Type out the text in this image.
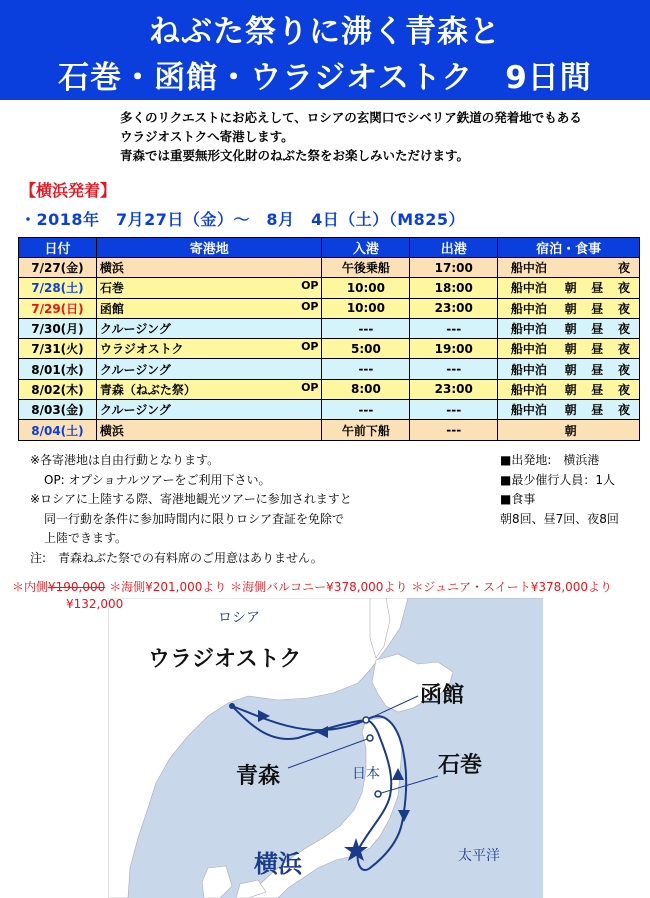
ねぶた祭りに沸く青森と
石巻・函館・ウラジオストク　9日間
多くのリクエストにお応えして、ロシアの玄関口でシベリア鉄道の発着地でもある
ウラジオストクへ寄港します。
青森では重要無形文化財のねぶた祭をお楽しみいただけます。
【横浜発着】
・2018年　7月27日（金）～　8月　4日（土）（M825）
日付	寄港地	入港	出港	宿泊・食事	
7/27(金)	横浜	午後乗船	17:00	船中泊	夜

7/28(土)	石巻 OP	10:00	18:00	船中泊	朝 昼 夜

7/29(日)	函館 OP	10:00	23:00	船中泊	朝 昼 夜

7/30(月)	クルージング	---	---	船中泊	朝 昼 夜

7/31(火)	ウラジオストク OP	5:00	19:00	船中泊	朝 昼 夜

8/01(水)	クルージング	---	---	船中泊	朝 昼 夜

8/02(木)	青森（ねぶた祭） OP	8:00	23:00	船中泊	朝 昼 夜

8/03(金)	クルージング	---	---	船中泊	朝 昼 夜

8/04(土)	横浜	午前下船	---		朝
※各寄港地は自由行動となります。
OP: オプショナルツアーをご利用下さい。
※ロシアに上陸する際、寄港地観光ツアーに参加されますと
同一行動を条件に参加時間内に限りロシア査証を免除で
上陸できます。
注:　青森ねぶた祭での有料席のご用意はありません。
■出発地:　横浜港
■最少催行人員：1人
■食事
朝8回、昼7回、夜8回
ロシア
ウラジオストク
函館
青森	日本	石巻
横浜	太平洋
＊内側¥190,000 ＊海側¥201,000より ＊海側バルコニー¥378,000より ＊ジュニア・スイート¥378,000より
¥132,000
